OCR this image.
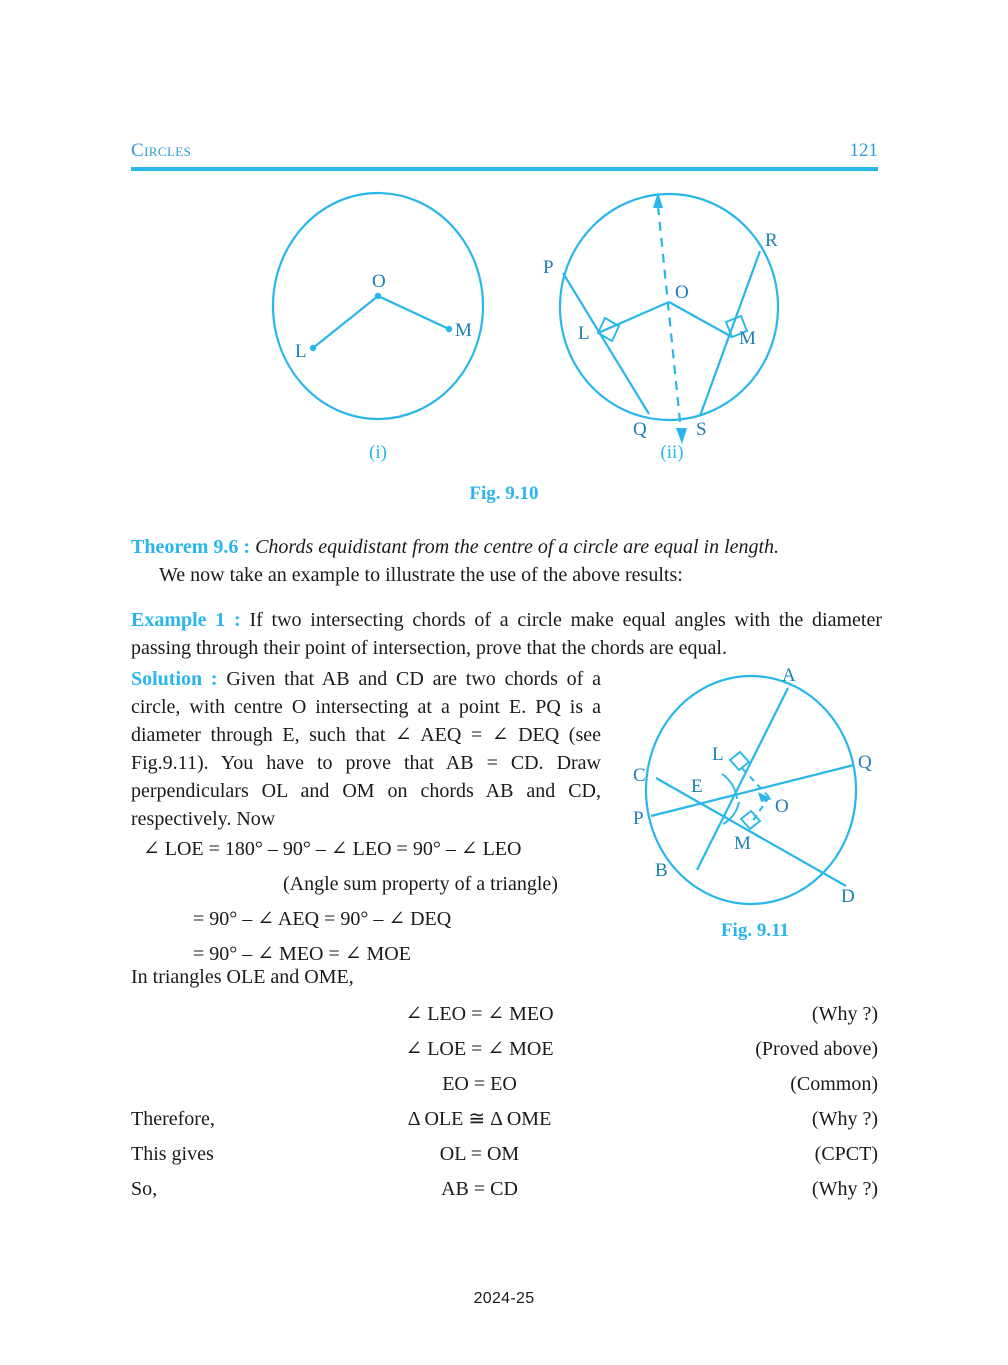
Circles	121
O
L
M
P
R
O
L	M
Q	S
(i)	(ii)
Fig. 9.10
Theorem 9.6 : Chords equidistant from the centre of a circle are equal in length.
We now take an example to illustrate the use of the above results:
Example 1 : If two intersecting chords of a circle make equal angles with the diameter passing through their point of intersection, prove that the chords are equal.
Solution : Given that AB and CD are two chords of a circle, with centre O intersecting at a point E. PQ is a diameter through E, such that ∠ AEQ = ∠ DEQ (see Fig.9.11). You have to prove that AB = CD. Draw perpendiculars OL and OM on chords AB and CD, respectively. Now
A
Q
L
C
E
O
P
M
B
D
Fig. 9.11
∠ LOE = 180° – 90° – ∠ LEO = 90° – ∠ LEO
(Angle sum property of a triangle)
= 90° – ∠ AEQ = 90° – ∠ DEQ
= 90° – ∠ MEO = ∠ MOE
In triangles OLE and OME,
∠ LEO = ∠ MEO	(Why ?)
∠ LOE = ∠ MOE	(Proved above)
EO = EO	(Common)
Therefore,	Δ OLE ≅ Δ OME	(Why ?)
This gives	OL = OM	(CPCT)
So,	AB = CD	(Why ?)
2024-25
